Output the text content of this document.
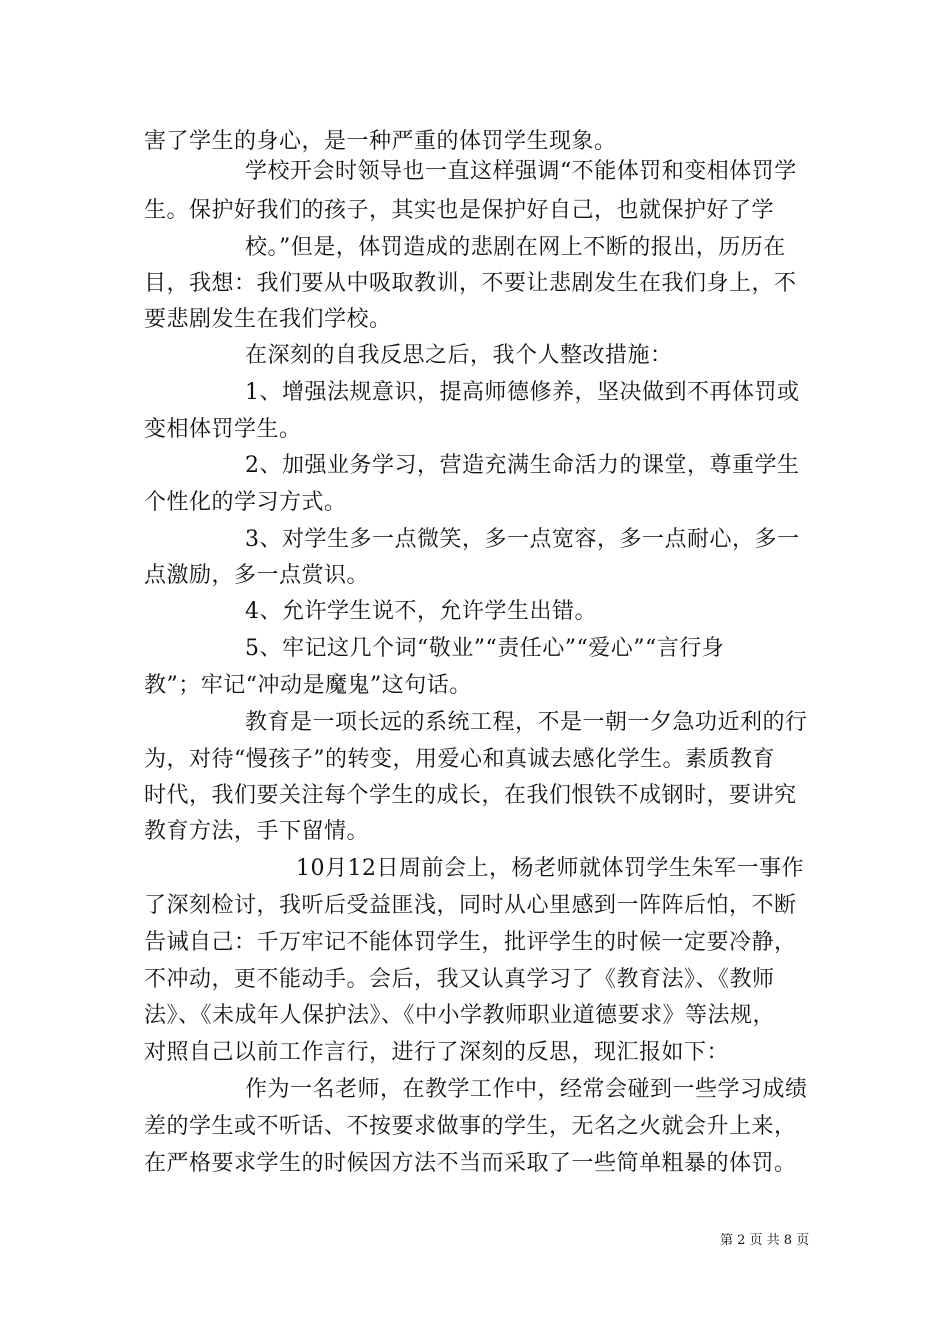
害了学生的身心，是一种严重的体罚学生现象。
学校开会时领导也一直这样强调“不能体罚和变相体罚学
生。保护好我们的孩子，其实也是保护好自己，也就保护好了学
校。”但是，体罚造成的悲剧在网上不断的报出，历历在
目，我想：我们要从中吸取教训，不要让悲剧发生在我们身上，不
要悲剧发生在我们学校。
在深刻的自我反思之后，我个人整改措施：
1、增强法规意识，提高师德修养，坚决做到不再体罚或
变相体罚学生。
2、加强业务学习，营造充满生命活力的课堂，尊重学生
个性化的学习方式。
3、对学生多一点微笑，多一点宽容，多一点耐心，多一
点激励，多一点赏识。
4、允许学生说不，允许学生出错。
5、牢记这几个词“敬业”“责任心”“爱心”“言行身
教”；牢记“冲动是魔鬼”这句话。
教育是一项长远的系统工程，不是一朝一夕急功近利的行
为，对待“慢孩子”的转变，用爱心和真诚去感化学生。素质教育
时代，我们要关注每个学生的成长，在我们恨铁不成钢时，要讲究
教育方法，手下留情。
10月12日周前会上，杨老师就体罚学生朱军一事作
了深刻检讨，我听后受益匪浅，同时从心里感到一阵阵后怕，不断
告诫自己：千万牢记不能体罚学生，批评学生的时候一定要冷静，
不冲动，更不能动手。会后，我又认真学习了《教育法》、《教师
法》、《未成年人保护法》、《中小学教师职业道德要求》等法规，
对照自己以前工作言行，进行了深刻的反思，现汇报如下：
作为一名老师，在教学工作中，经常会碰到一些学习成绩
差的学生或不听话、不按要求做事的学生，无名之火就会升上来，
在严格要求学生的时候因方法不当而采取了一些简单粗暴的体罚。
第 2 页 共 8 页
